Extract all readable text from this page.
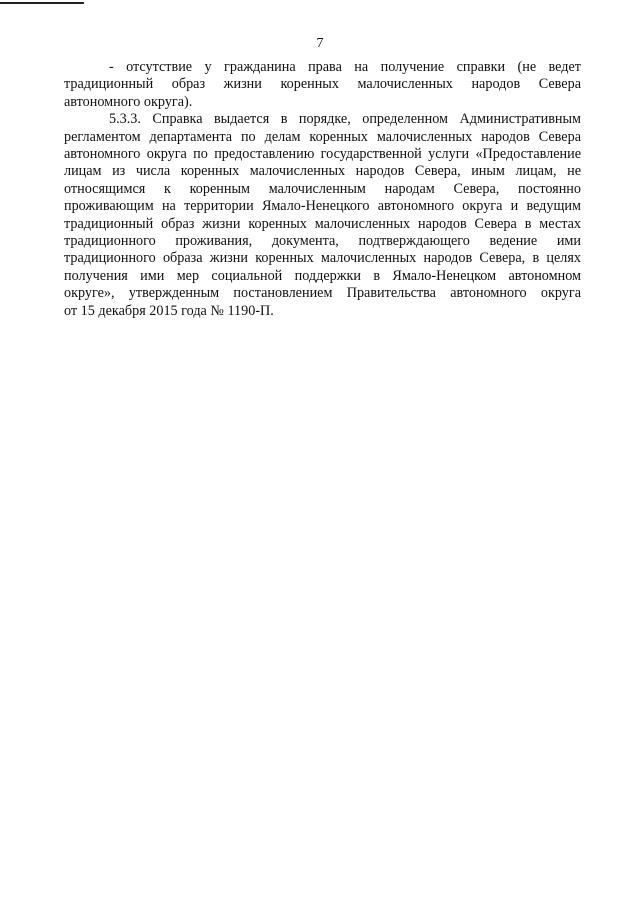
7
- отсутствие у гражданина права на получение справки (не ведет
традиционный образ жизни коренных малочисленных народов Севера
автономного округа).
5.3.3. Справка выдается в порядке, определенном Административным
регламентом департамента по делам коренных малочисленных народов Севера
автономного округа по предоставлению государственной услуги «Предоставление
лицам из числа коренных малочисленных народов Севера, иным лицам, не
относящимся к коренным малочисленным народам Севера, постоянно
проживающим на территории Ямало-Ненецкого автономного округа и ведущим
традиционный образ жизни коренных малочисленных народов Севера в местах
традиционного проживания, документа, подтверждающего ведение ими
традиционного образа жизни коренных малочисленных народов Севера, в целях
получения ими мер социальной поддержки в Ямало-Ненецком автономном
округе», утвержденным постановлением Правительства автономного округа
от 15 декабря 2015 года № 1190-П.
